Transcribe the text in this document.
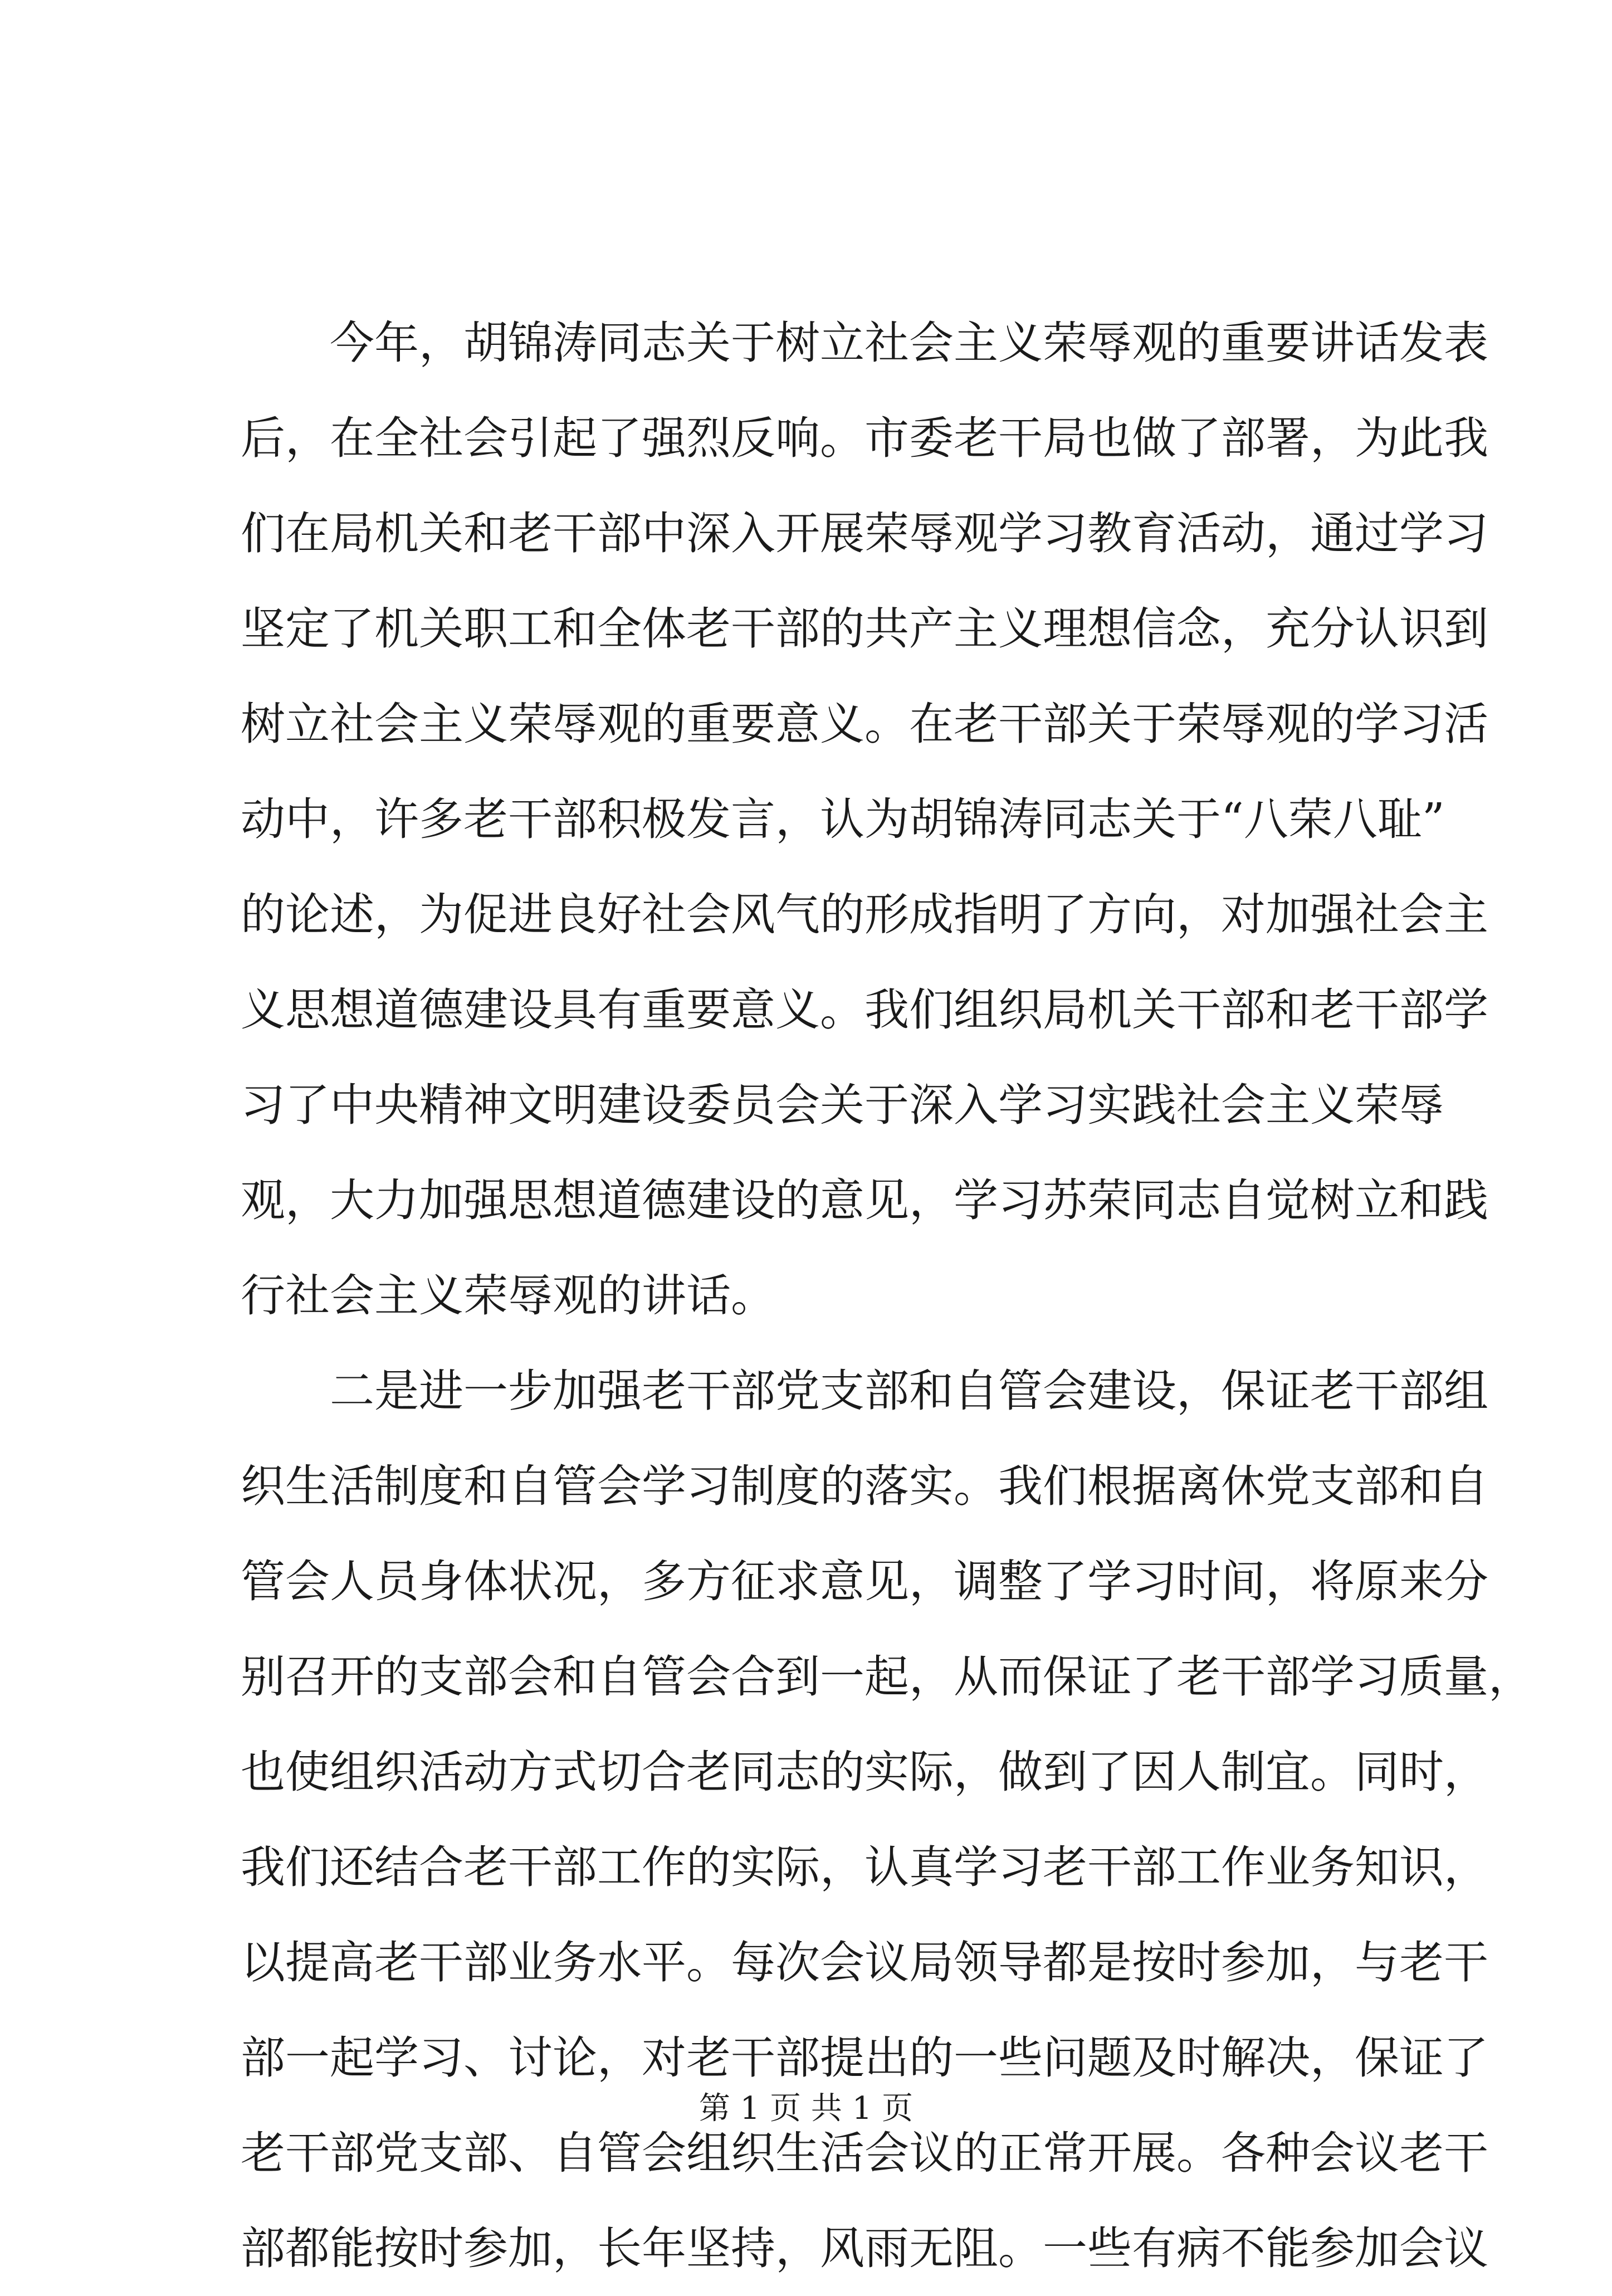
今年，胡锦涛同志关于树立社会主义荣辱观的重要讲话发表
后，在全社会引起了强烈反响。市委老干局也做了部署，为此我
们在局机关和老干部中深入开展荣辱观学习教育活动，通过学习
坚定了机关职工和全体老干部的共产主义理想信念，充分认识到
树立社会主义荣辱观的重要意义。在老干部关于荣辱观的学习活
动中，许多老干部积极发言，认为胡锦涛同志关于“八荣八耻”
的论述，为促进良好社会风气的形成指明了方向，对加强社会主
义思想道德建设具有重要意义。我们组织局机关干部和老干部学
习了中央精神文明建设委员会关于深入学习实践社会主义荣辱
观，大力加强思想道德建设的意见，学习苏荣同志自觉树立和践
行社会主义荣辱观的讲话。
二是进一步加强老干部党支部和自管会建设，保证老干部组
织生活制度和自管会学习制度的落实。我们根据离休党支部和自
管会人员身体状况，多方征求意见，调整了学习时间，将原来分
别召开的支部会和自管会合到一起，从而保证了老干部学习质量，
也使组织活动方式切合老同志的实际，做到了因人制宜。同时，
我们还结合老干部工作的实际，认真学习老干部工作业务知识，
以提高老干部业务水平。每次会议局领导都是按时参加，与老干
部一起学习、讨论，对老干部提出的一些问题及时解决，保证了
老干部党支部、自管会组织生活会议的正常开展。各种会议老干
部都能按时参加，长年坚持，风雨无阻。一些有病不能参加会议
第 1 页 共 1 页
